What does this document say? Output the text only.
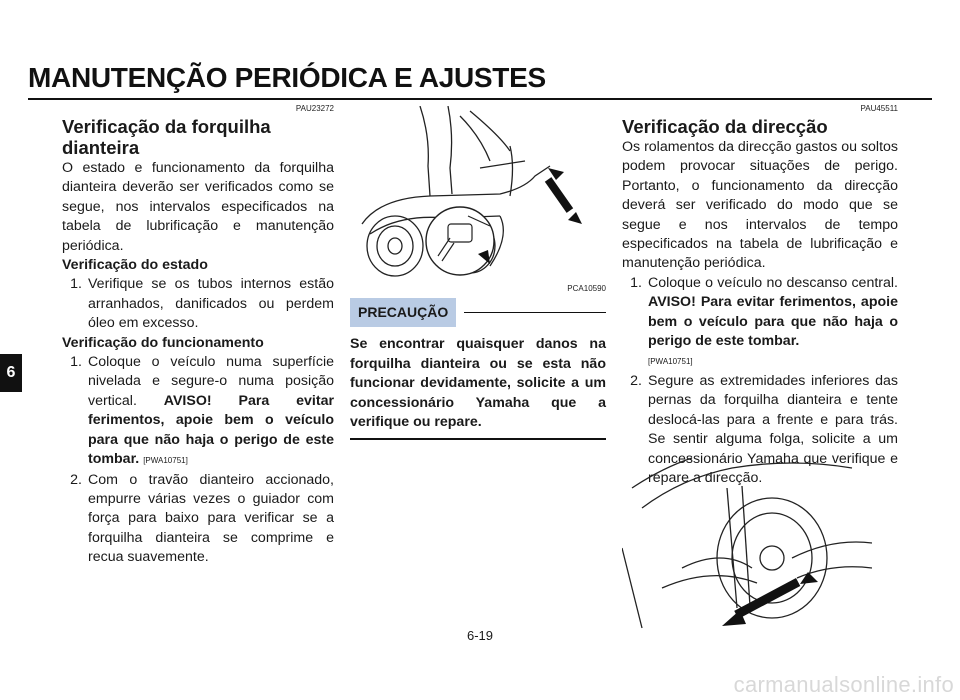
MANUTENÇÃO PERIÓDICA E AJUSTES
6
PAU23272
Verificação da forquilha dianteira

O estado e funcionamento da forquilha dianteira deverão ser verificados como se segue, nos intervalos especificados na tabela de lubrificação e manutenção periódica.

Verificação do estado
1. Verifique se os tubos internos estão arranhados, danificados ou perdem óleo em excesso.
Verificação do funcionamento
1. Coloque o veículo numa superfície nivelada e segure-o numa posição vertical. AVISO! Para evitar ferimentos, apoie bem o veículo para que não haja o perigo de este tombar. [PWA10751]
2. Com o travão dianteiro accionado, empurre várias vezes o guiador com força para baixo para verificar se a forquilha dianteira se comprime e recua suavemente.
PCA10590
PRECAUÇÃO
Se encontrar quaisquer danos na forquilha dianteira ou se esta não funcionar devidamente, solicite a um concessionário Yamaha que a verifique ou repare.
PAU45511
Verificação da direcção

Os rolamentos da direcção gastos ou soltos podem provocar situações de perigo. Portanto, o funcionamento da direcção deverá ser verificado do modo que se segue e nos intervalos de tempo especificados na tabela de lubrificação e manutenção periódica.

1. Coloque o veículo no descanso central. AVISO! Para evitar ferimentos, apoie bem o veículo para que não haja o perigo de este tombar.
[PWA10751]
2. Segure as extremidades inferiores das pernas da forquilha dianteira e tente deslocá-las para a frente e para trás. Se sentir alguma folga, solicite a um concessionário Yamaha que verifique e repare a direcção.
6-19
carmanualsonline.info
